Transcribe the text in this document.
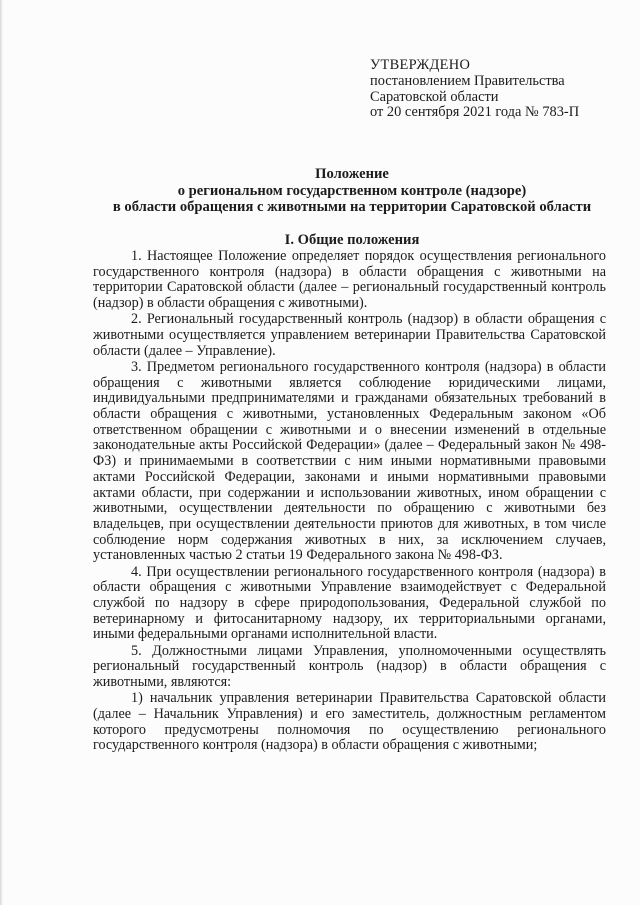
УТВЕРЖДЕНО
постановлением Правительства
Саратовской области
от 20 сентября 2021 года № 783-П
Положение
о региональном государственном контроле (надзоре)
в области обращения с животными на территории Саратовской области
I. Общие положения

1. Настоящее Положение определяет порядок осуществления регионального государственного контроля (надзора) в области обращения с животными на территории Саратовской области (далее – региональный государственный контроль (надзор) в области обращения с животными).

2. Региональный государственный контроль (надзор) в области обращения с животными осуществляется управлением ветеринарии Правительства Саратовской области (далее – Управление).

3. Предметом регионального государственного контроля (надзора) в области обращения с животными является соблюдение юридическими лицами, индивидуальными предпринимателями и гражданами обязательных требований в области обращения с животными, установленных Федеральным законом «Об ответственном обращении с животными и о внесении изменений в отдельные законодательные акты Российской Федерации» (далее – Федеральный закон № 498-ФЗ) и принимаемыми в соответствии с ним иными нормативными правовыми актами Российской Федерации, законами и иными нормативными правовыми актами области, при содержании и использовании животных, ином обращении с животными, осуществлении деятельности по обращению с животными без владельцев, при осуществлении деятельности приютов для животных, в том числе соблюдение норм содержания животных в них, за исключением случаев, установленных частью 2 статьи 19 Федерального закона № 498-ФЗ.

4. При осуществлении регионального государственного контроля (надзора) в области обращения с животными Управление взаимодействует с Федеральной службой по надзору в сфере природопользования, Федеральной службой по ветеринарному и фитосанитарному надзору, их территориальными органами, иными федеральными органами исполнительной власти.

5. Должностными лицами Управления, уполномоченными осуществлять региональный государственный контроль (надзор) в области обращения с животными, являются:

1) начальник управления ветеринарии Правительства Саратовской области (далее – Начальник Управления) и его заместитель, должностным регламентом которого предусмотрены полномочия по осуществлению регионального государственного контроля (надзора) в области обращения с животными;
